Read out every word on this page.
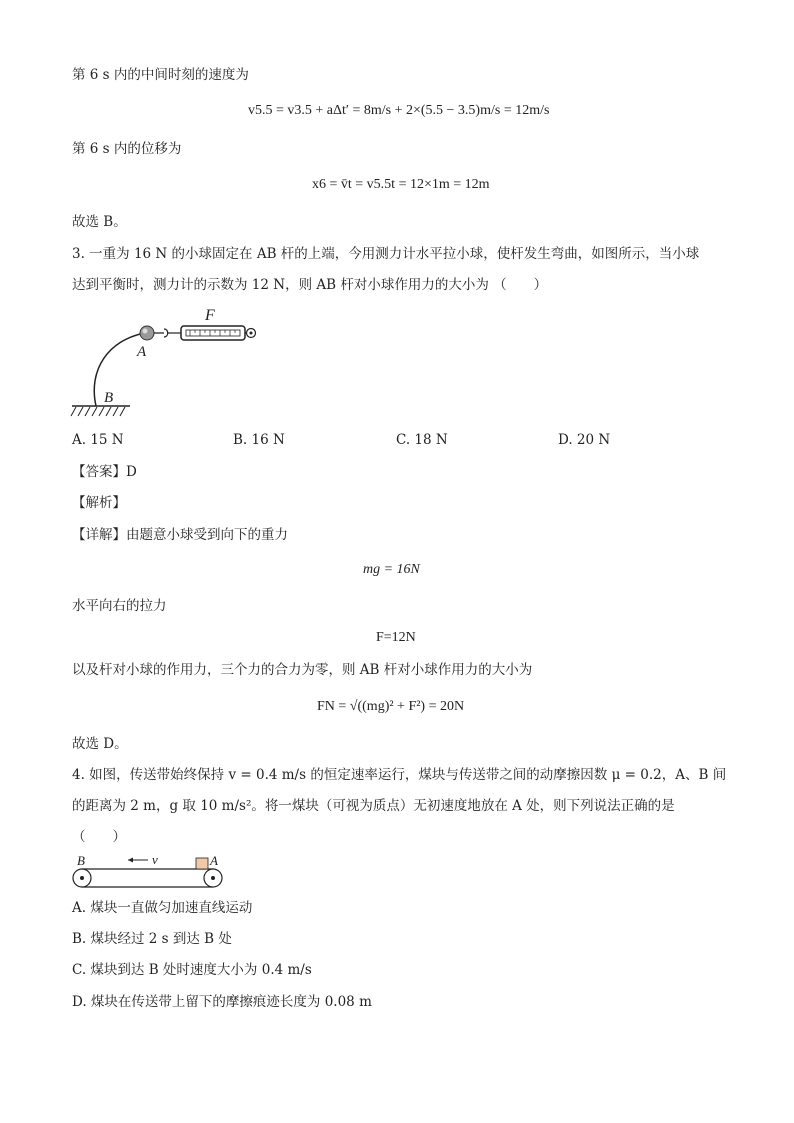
第 6 s 内的中间时刻的速度为
v5.5 = v3.5 + aΔt′ = 8m/s + 2×(5.5 − 3.5)m/s = 12m/s
第 6 s 内的位移为
x6 = v̄t = v5.5t = 12×1m = 12m
故选 B。
3. 一重为 16 N 的小球固定在 AB 杆的上端，今用测力计水平拉小球，使杆发生弯曲，如图所示，当小球
达到平衡时，测力计的示数为 12 N，则 AB 杆对小球作用力的大小为 （　　）
F
A
B
A. 15 N	B. 16 N	C. 18 N	D. 20 N
【答案】D
【解析】
【详解】由题意小球受到向下的重力
mg = 16N
水平向右的拉力
F=12N
以及杆对小球的作用力，三个力的合力为零，则 AB 杆对小球作用力的大小为
FN = √((mg)² + F²) = 20N
故选 D。
4. 如图，传送带始终保持 v = 0.4 m/s 的恒定速率运行，煤块与传送带之间的动摩擦因数 μ = 0.2，A、B 间
的距离为 2 m，g 取 10 m/s²。将一煤块（可视为质点）无初速度地放在 A 处，则下列说法正确的是
（　　）
v
B	A
A. 煤块一直做匀加速直线运动
B. 煤块经过 2 s 到达 B 处
C. 煤块到达 B 处时速度大小为 0.4 m/s
D. 煤块在传送带上留下的摩擦痕迹长度为 0.08 m
